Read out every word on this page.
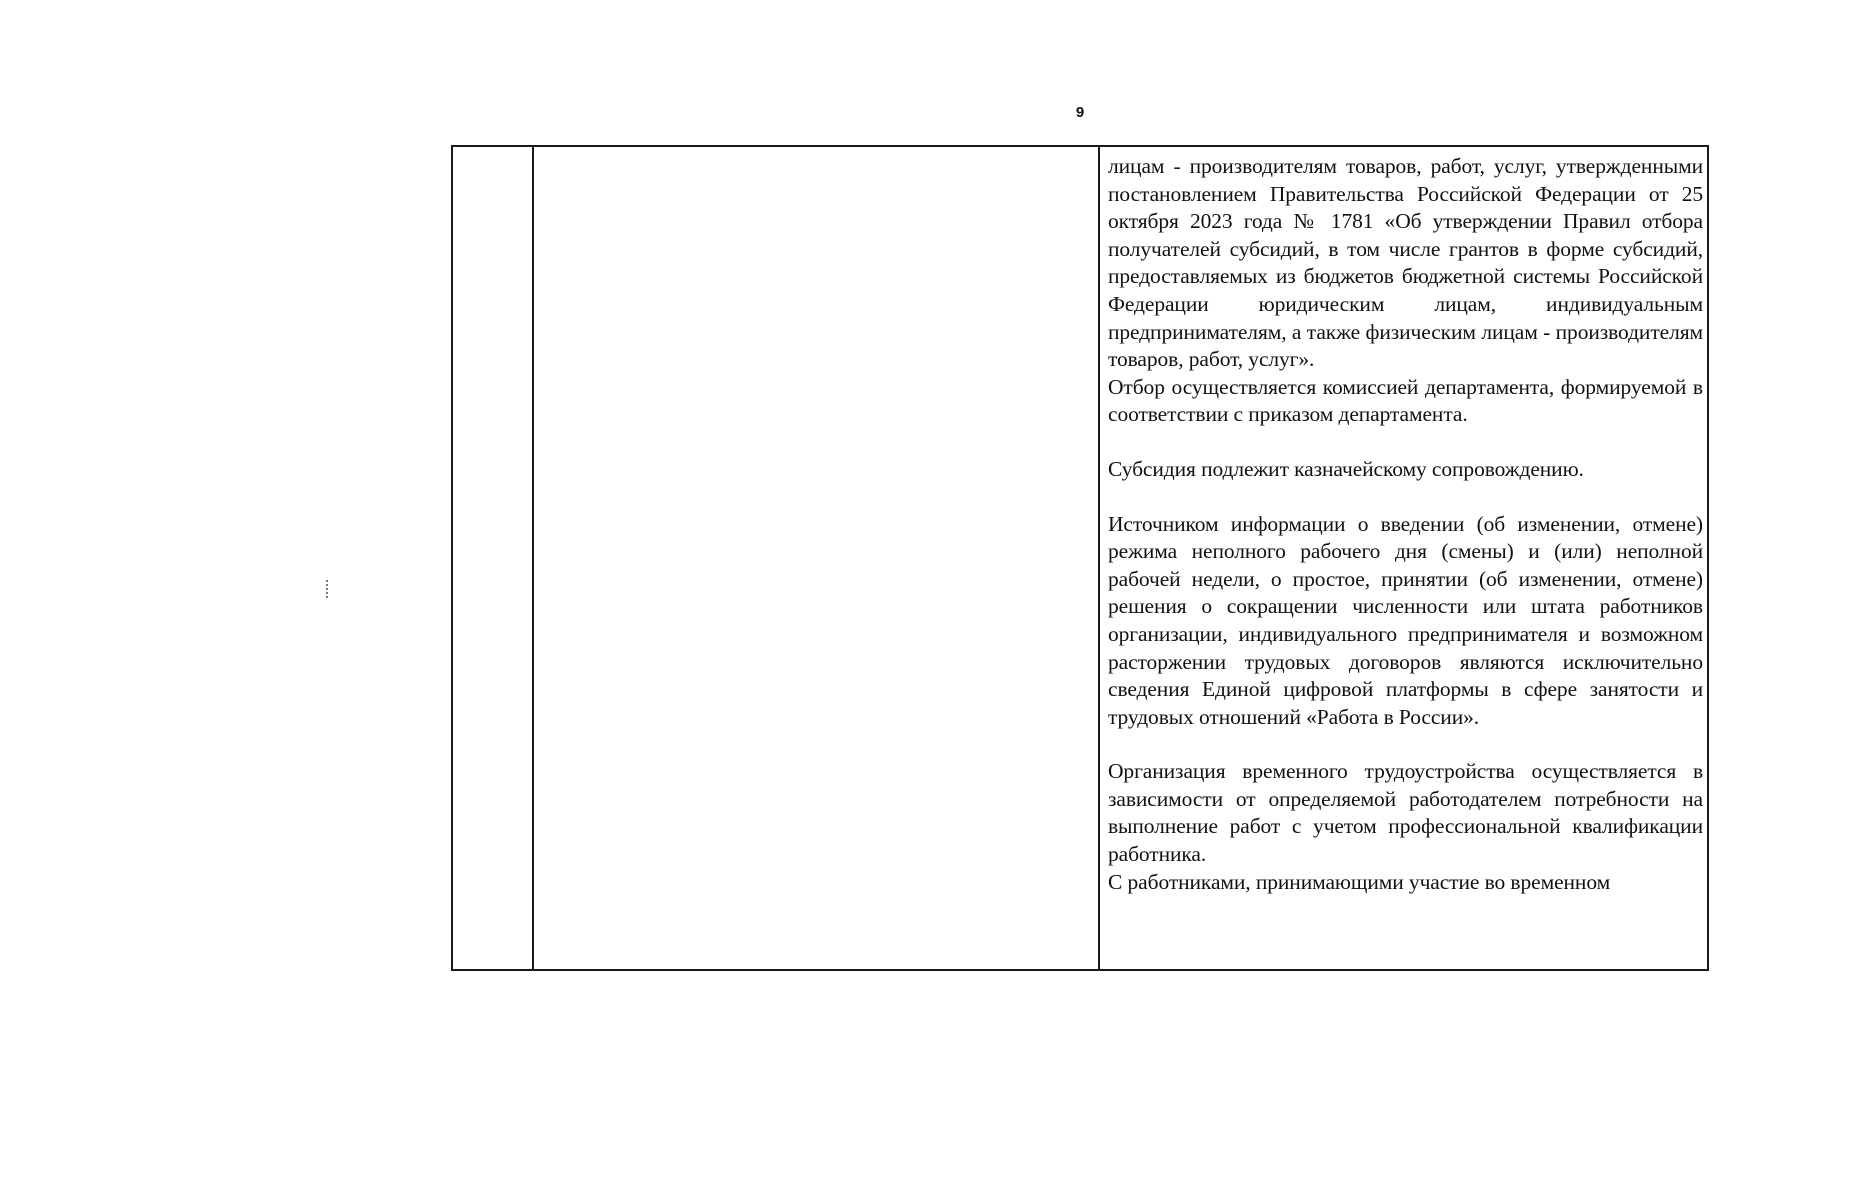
9

лицам - производителям товаров, работ, услуг, утвержденными постановлением Правительства Российской Федерации от 25 октября 2023 года № 1781 «Об утверждении Правил отбора получателей субсидий, в том числе грантов в форме субсидий, предоставляемых из бюджетов бюджетной системы Российской Федерации юридическим лицам, индивидуальным предпринимателям, а также физическим лицам - производителям товаров, работ, услуг».

Отбор осуществляется комиссией департамента, формируемой в соответствии с приказом департамента.

Субсидия подлежит казначейскому сопровождению.

Источником информации о введении (об изменении, отмене) режима неполного рабочего дня (смены) и (или) неполной рабочей недели, о простое, принятии (об изменении, отмене) решения о сокращении численности или штата работников организации, индивидуального предпринимателя и возможном расторжении трудовых договоров являются исключительно сведения Единой цифровой платформы в сфере занятости и трудовых отношений «Работа в России».

Организация временного трудоустройства осуществляется в зависимости от определяемой работодателем потребности на выполнение работ с учетом профессиональной квалификации работника.

С работниками, принимающими участие во временном
